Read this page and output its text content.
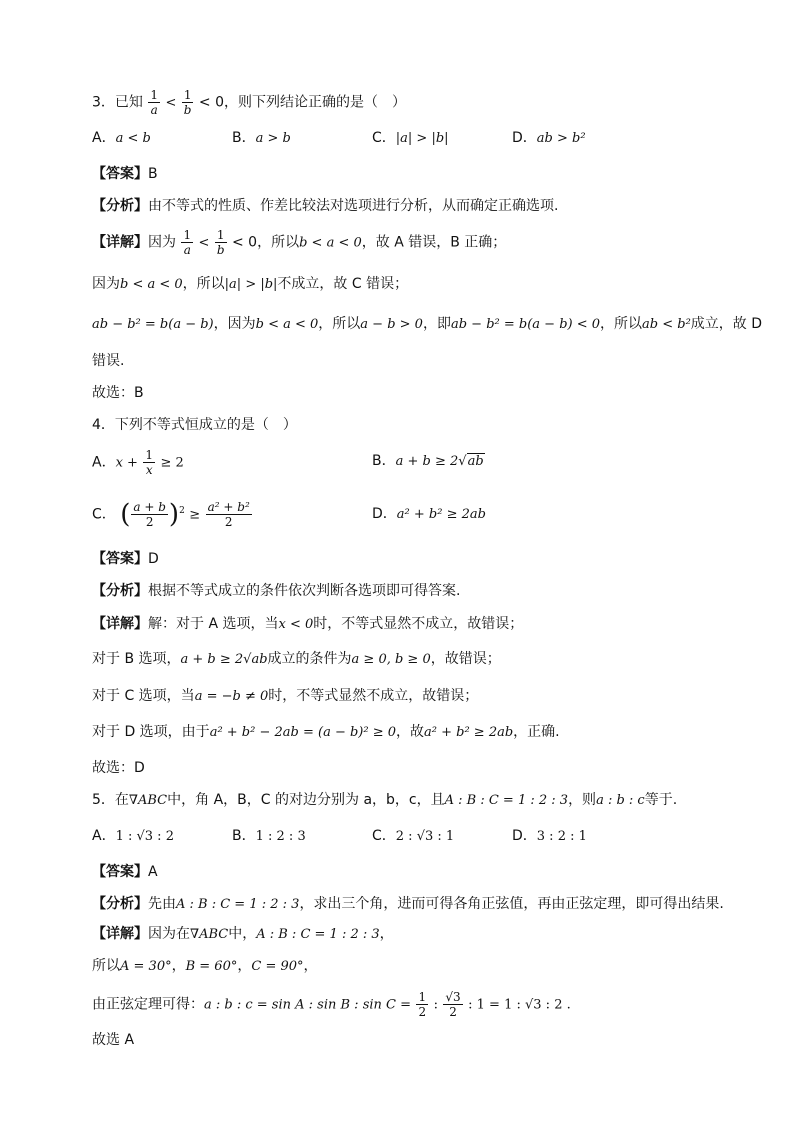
3．已知 $\frac{1}{a} < \frac{1}{b} < 0$，则下列结论正确的是（　）
A．a < b	B．a > b	C．|a| > |b|	D．ab > b²
【答案】B
【分析】由不等式的性质、作差比较法对选项进行分析，从而确定正确选项.
【详解】因为 $\frac{1}{a} < \frac{1}{b} < 0$，所以b < a < 0，故 A 错误，B 正确；
因为b < a < 0，所以|a| > |b|不成立，故 C 错误；
ab − b² = b(a − b)，因为b < a < 0，所以a − b > 0，即ab − b² = b(a − b) < 0，所以ab < b²成立，故 D
错误.
故选：B
4．下列不等式恒成立的是（　）
A．$x + \frac{1}{x} \ge 2$	B．a + b ≥ 2√ab
C． ( $\frac{a + b}{2} )^2 \ge \frac{\text{a² + b²}}{2}$	D．a² + b² ≥ 2ab
【答案】D
【分析】根据不等式成立的条件依次判断各选项即可得答案.
【详解】解：对于 A 选项，当x < 0时，不等式显然不成立，故错误；
对于 B 选项，a + b ≥ 2√ab成立的条件为a ≥ 0, b ≥ 0，故错误；
对于 C 选项，当a = −b ≠ 0时，不等式显然不成立，故错误；
对于 D 选项，由于a² + b² − 2ab = (a − b)² ≥ 0，故a² + b² ≥ 2ab，正确.
故选：D
5．在∇ABC中，角 A，B，C 的对边分别为 a，b，c，且A : B : C = 1 : 2 : 3，则a : b : c等于.
A．1 : √3 : 2	B．1 : 2 : 3	C．2 : √3 : 1	D．3 : 2 : 1
【答案】A
【分析】先由A : B : C = 1 : 2 : 3，求出三个角，进而可得各角正弦值，再由正弦定理，即可得出结果.
【详解】因为在∇ABC中，A : B : C = 1 : 2 : 3，
所以A = 30°，B = 60°，C = 90°，
由正弦定理可得：a : b : c = sin A : sin B : $\sin C = \frac{1}{2}$ : $\frac{√3}{2}$ : 1 = 1 : √3 : 2 .
故选 A
